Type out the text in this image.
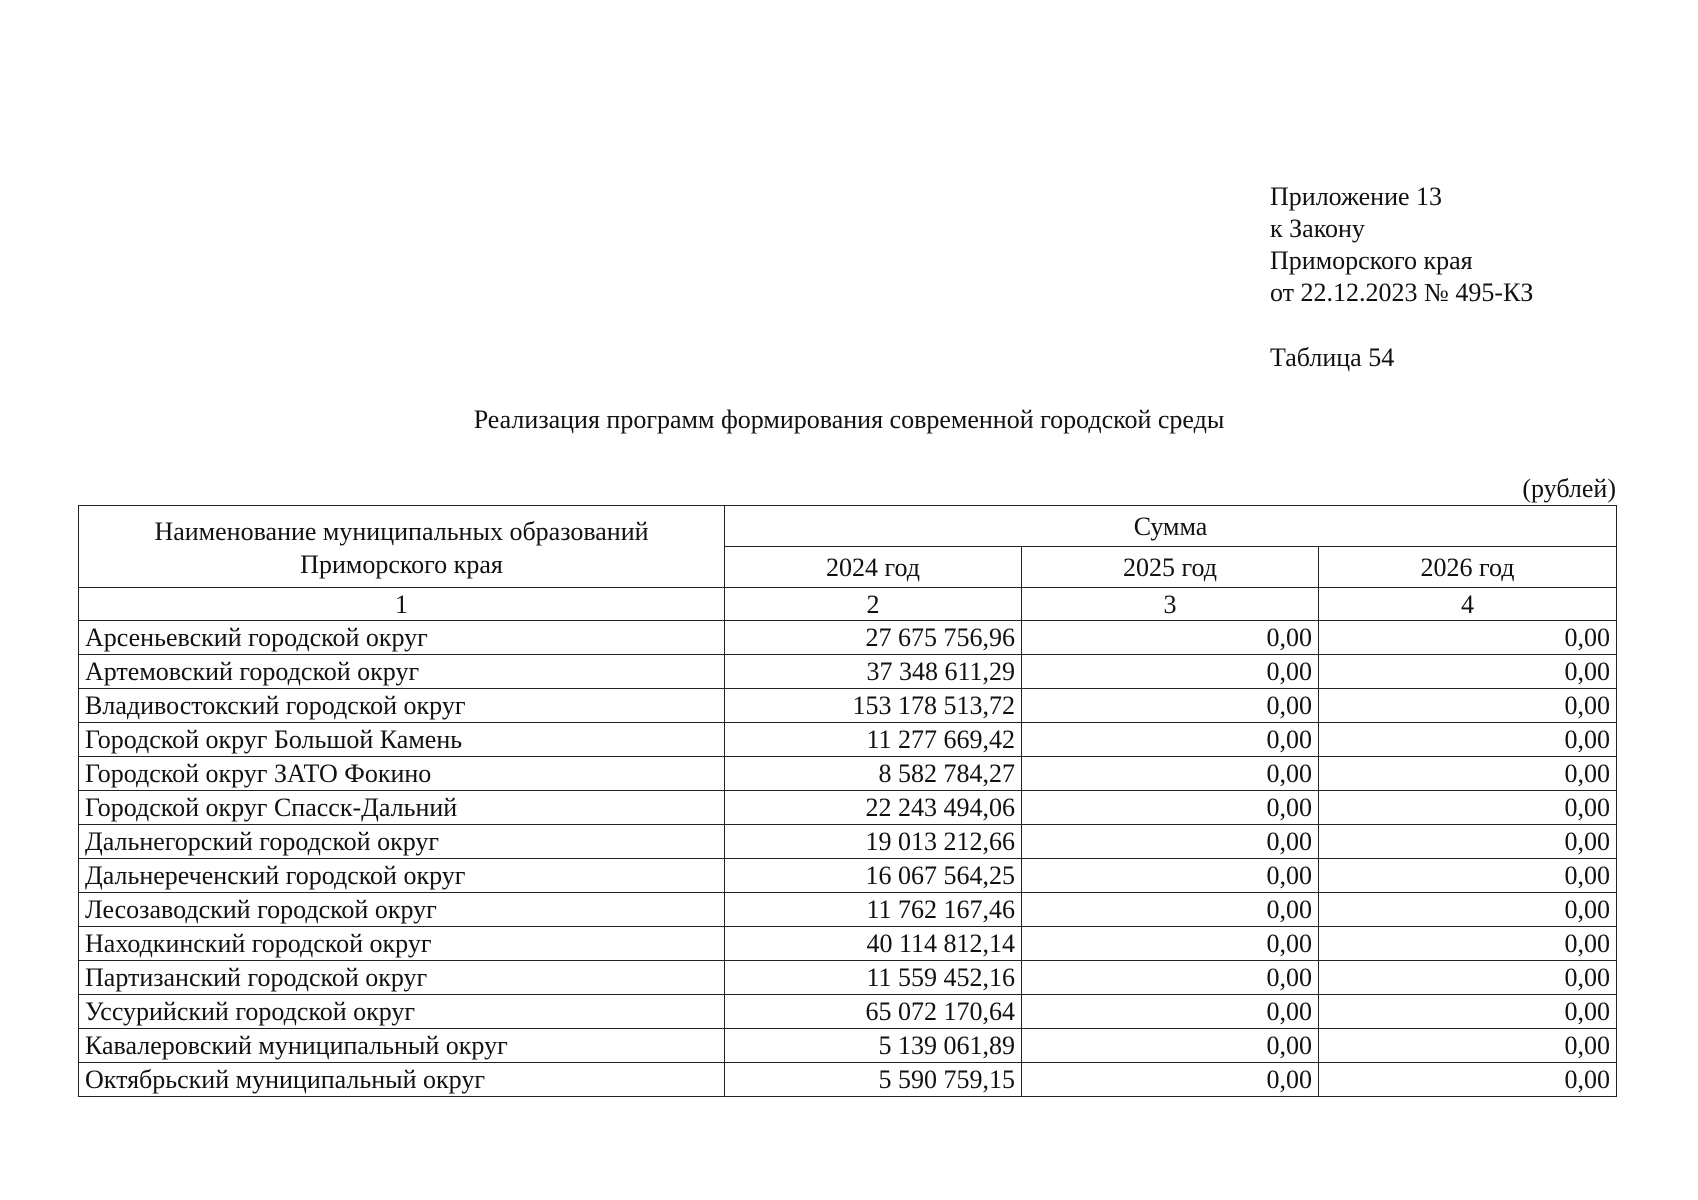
Приложение 13
к Закону
Приморского края
от 22.12.2023 № 495-КЗ
Таблица 54
Реализация программ формирования современной городской среды
(рублей)
Наименование муниципальных образований Приморского края	Сумма		
	2024 год	2025 год	2026 год
1	2	3	4
Арсеньевский городской округ	27 675 756,96	0,00	0,00
Артемовский городской округ	37 348 611,29	0,00	0,00
Владивостокский городской округ	153 178 513,72	0,00	0,00
Городской округ Большой Камень	11 277 669,42	0,00	0,00
Городской округ ЗАТО Фокино	8 582 784,27	0,00	0,00
Городской округ Спасск-Дальний	22 243 494,06	0,00	0,00
Дальнегорский городской округ	19 013 212,66	0,00	0,00
Дальнереченский городской округ	16 067 564,25	0,00	0,00
Лесозаводский городской округ	11 762 167,46	0,00	0,00
Находкинский городской округ	40 114 812,14	0,00	0,00
Партизанский городской округ	11 559 452,16	0,00	0,00
Уссурийский городской округ	65 072 170,64	0,00	0,00
Кавалеровский муниципальный округ	5 139 061,89	0,00	0,00
Октябрьский муниципальный округ	5 590 759,15	0,00	0,00
